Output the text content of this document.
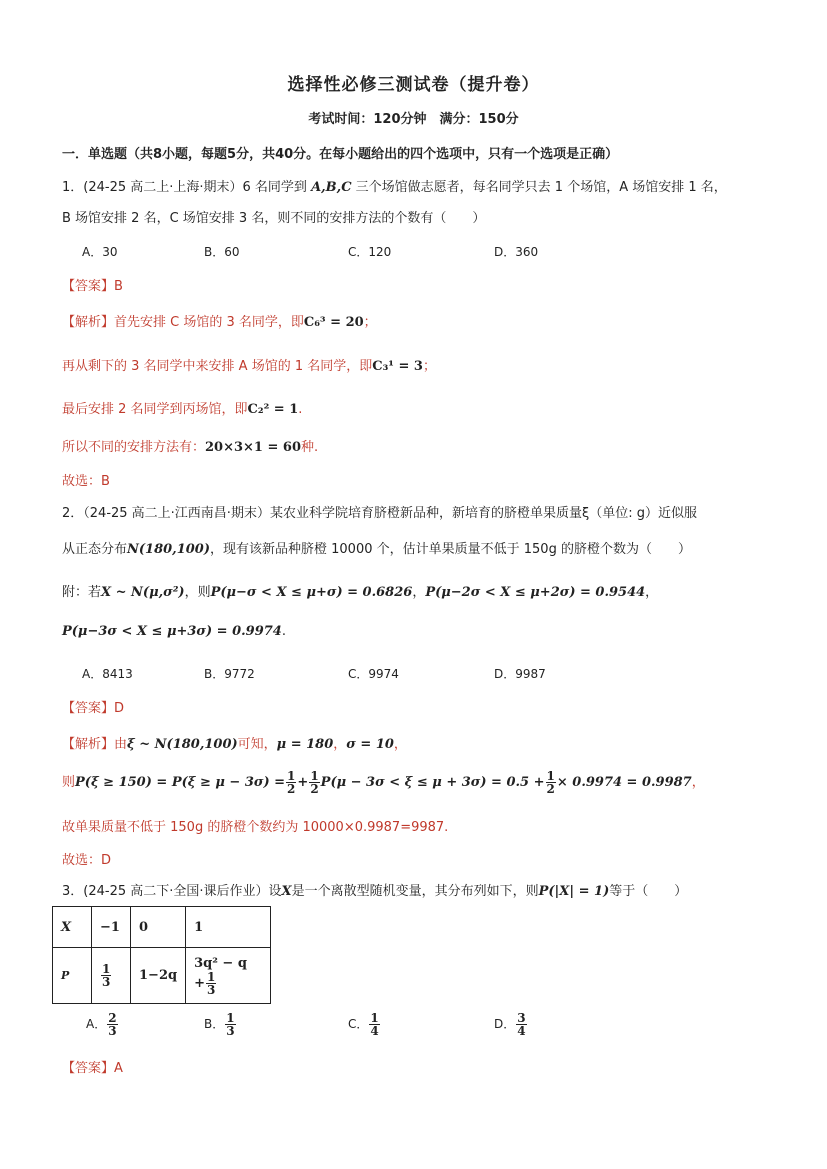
选择性必修三测试卷（提升卷）
考试时间：120分钟　满分：150分
一．单选题（共8小题，每题5分，共40分。在每小题给出的四个选项中，只有一个选项是正确）
1．(24-25 高二上·上海·期末）6 名同学到 A,B,C 三个场馆做志愿者，每名同学只去 1 个场馆，A 场馆安排 1 名，
B 场馆安排 2 名，C 场馆安排 3 名，则不同的安排方法的个数有（　　）
A．30	B．60	C．120	D．360
【答案】B
【解析】首先安排 C 场馆的 3 名同学，即C₆³ = 20；
再从剩下的 3 名同学中来安排 A 场馆的 1 名同学，即C₃¹ = 3；
最后安排 2 名同学到丙场馆，即C₂² = 1.
所以不同的安排方法有：20×3×1 = 60种.
故选：B
2．（24-25 高二上·江西南昌·期末）某农业科学院培育脐橙新品种，新培育的脐橙单果质量ξ（单位: g）近似服
从正态分布N(180,100)，现有该新品种脐橙 10000 个，估计单果质量不低于 150g 的脐橙个数为（　　）
附：若X ~ N(μ,σ²)，则P(μ−σ < X ≤ μ+σ) = 0.6826，P(μ−2σ < X ≤ μ+2σ) = 0.9544，
P(μ−3σ < X ≤ μ+3σ) = 0.9974.
A．8413	B．9772	C．9974	D．9987
【答案】D
【解析】由ξ ~ N(180,100)可知，μ = 180，σ = 10，
则$P(\xi \ge 150) = P(\xi \ge \mu - 3\sigma) = \frac{1}{2} + \frac{1}{2} P(\mu - 3\sigma < \xi \le \mu + 3\sigma) = 0.5 + \frac{1}{2} \times 0.9974 = 0.9987$，
故单果质量不低于 150g 的脐橙个数约为 10000×0.9987=9987.
故选：D
3．(24-25 高二下·全国·课后作业）设X是一个离散型随机变量，其分布列如下，则P(|X| = 1)等于（　　）
X	−1	0	1
P	$\frac{1}{3}$	1−2q	$3q^2 - q + \frac{1}{3}$
A． $\frac{2}{3}$	B． $\frac{1}{3}$	C． $\frac{1}{4}$	D． $\frac{3}{4}$
【答案】A
